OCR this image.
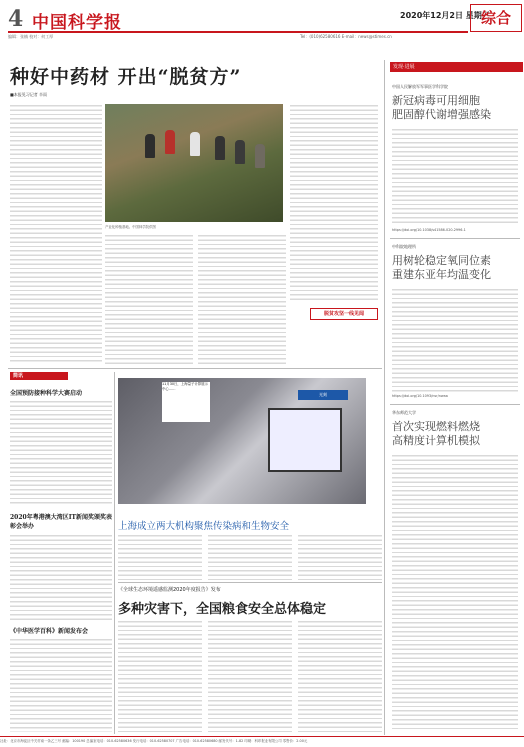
4 中国科学报	2020年12月2日 星期三
综合
编辑：张楠 校对：何工厚	Tel：(010)62580616 E-mail：news@stimes.cn
种好中药材 开出“脱贫方”
■本报见习记者 辛雨
产业化种植基地。中国林学院供图
脱贫攻坚一线见闻
发现·进展
中国人民解放军军事医学科学院
新冠病毒可用细胞
肥固醇代谢增强感染
https://doi.org/10.1038/s41586-020-2996-1
中科院地理所
用树轮稳定氧同位素
重建东亚年均温变化
https://doi.org/10.1093/nsr/nwaa
华东师范大学
首次实现燃料燃烧
高精度计算机模拟
简讯
全国预防接种科学大赛启动
2020年粤港澳大湾区IT新闻奖颁奖表彰会举办
《中华医学百科》新闻发布会
光刻
11月30日，上海量子计算展示中心……
上海成立两大机构聚焦传染病和生物安全
《全球生态环境遥感监测2020年度报告》发布
多种灾害下，全国粮食安全总体稳定
社址：北京市海淀区中关村南一条乙三号 邮编：100190 总编室电话：010-62580636 发行电话：010-62580707 广告电话：010-62580680 邮发代号：1-82 印刷：科印报业有限公司 零售价：2.00元
